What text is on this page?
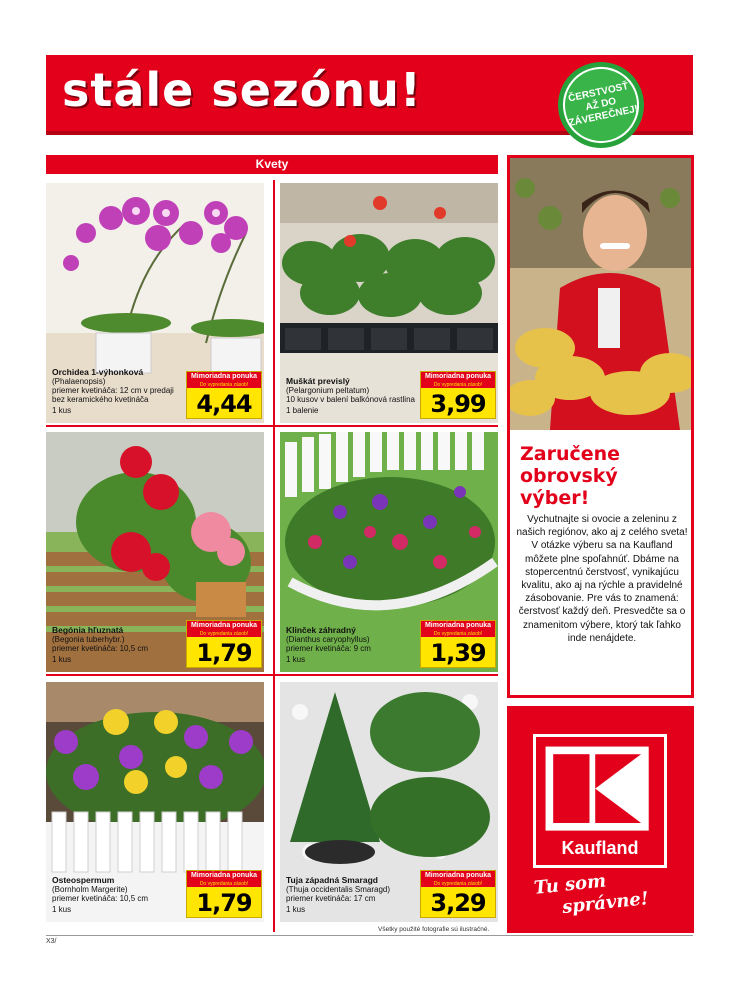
stále sezónu!	ČERSTVOSŤ AŽ DO ZÁVEREČNEJ!
Kvety
Orchidea 1-výhonková
(Phalaenopsis)
priemer kvetináča: 12 cm v predaji bez keramického kvetináča
1 kus
Mimoriadna ponuka
Do vypredania zásob!
4,44
Muškát previsl‎ý
(Pelargonium peltatum)
10 kusov v balení balkónová rastlina
1 balenie
Mimoriadna ponuka
Do vypredania zásob!
3,99
Begónia hľuznatá
(Begonia tuberhybr.)
priemer kvetináča: 10,5 cm
1 kus
Mimoriadna ponuka
Do vypredania zásob!
1,79
Klinček záhradný
(Dianthus caryophyllus)
priemer kvetináča: 9 cm
1 kus
Mimoriadna ponuka
Do vypredania zásob!
1,39
Osteospermum
(Bornholm Margerite)
priemer kvetináča: 10,5 cm
1 kus
Mimoriadna ponuka
Do vypredania zásob!
1,79
Tuja západná Smaragd
(Thuja occidentalis Smaragd)
priemer kvetináča: 17 cm
1 kus
Mimoriadna ponuka
Do vypredania zásob!
3,29
Zaručene obrovský výber!
Vychutnajte si ovocie a zeleninu z našich regiónov, ako aj z celého sveta! V otázke výberu sa na Kaufland môžete plne spoľahnúť. Dbáme na stopercentnú čerstvosť, vynikajúcu kvalitu, ako aj na rýchle a pravidelné zásobovanie. Pre vás to znamená: čerstvosť každý deň. Presvedčte sa o znamenitom výbere, ktorý tak ľahko inde nenájdete.
Kaufland
Tu som
správne!
Všetky použité fotografie sú ilustračné.
X3/
